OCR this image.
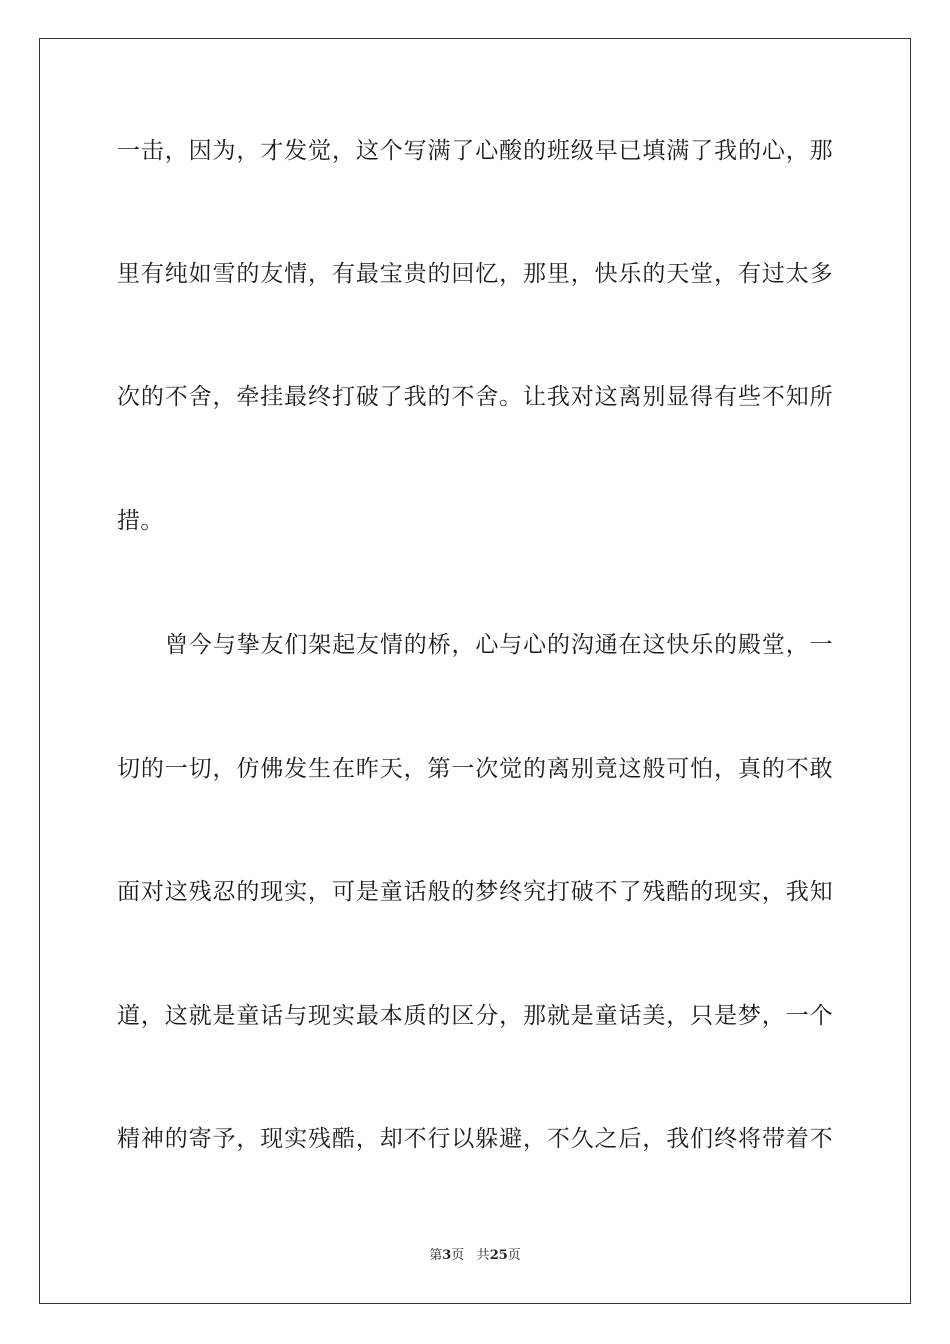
一击，因为，才发觉，这个写满了心酸的班级早已填满了我的心，那
里有纯如雪的友情，有最宝贵的回忆，那里，快乐的天堂，有过太多
次的不舍，牵挂最终打破了我的不舍。让我对这离别显得有些不知所
措。
曾今与挚友们架起友情的桥，心与心的沟通在这快乐的殿堂，一
切的一切，仿佛发生在昨天，第一次觉的离别竟这般可怕，真的不敢
面对这残忍的现实，可是童话般的梦终究打破不了残酷的现实，我知
道，这就是童话与现实最本质的区分，那就是童话美，只是梦，一个
精神的寄予，现实残酷，却不行以躲避，不久之后，我们终将带着不
第3页 共25页
